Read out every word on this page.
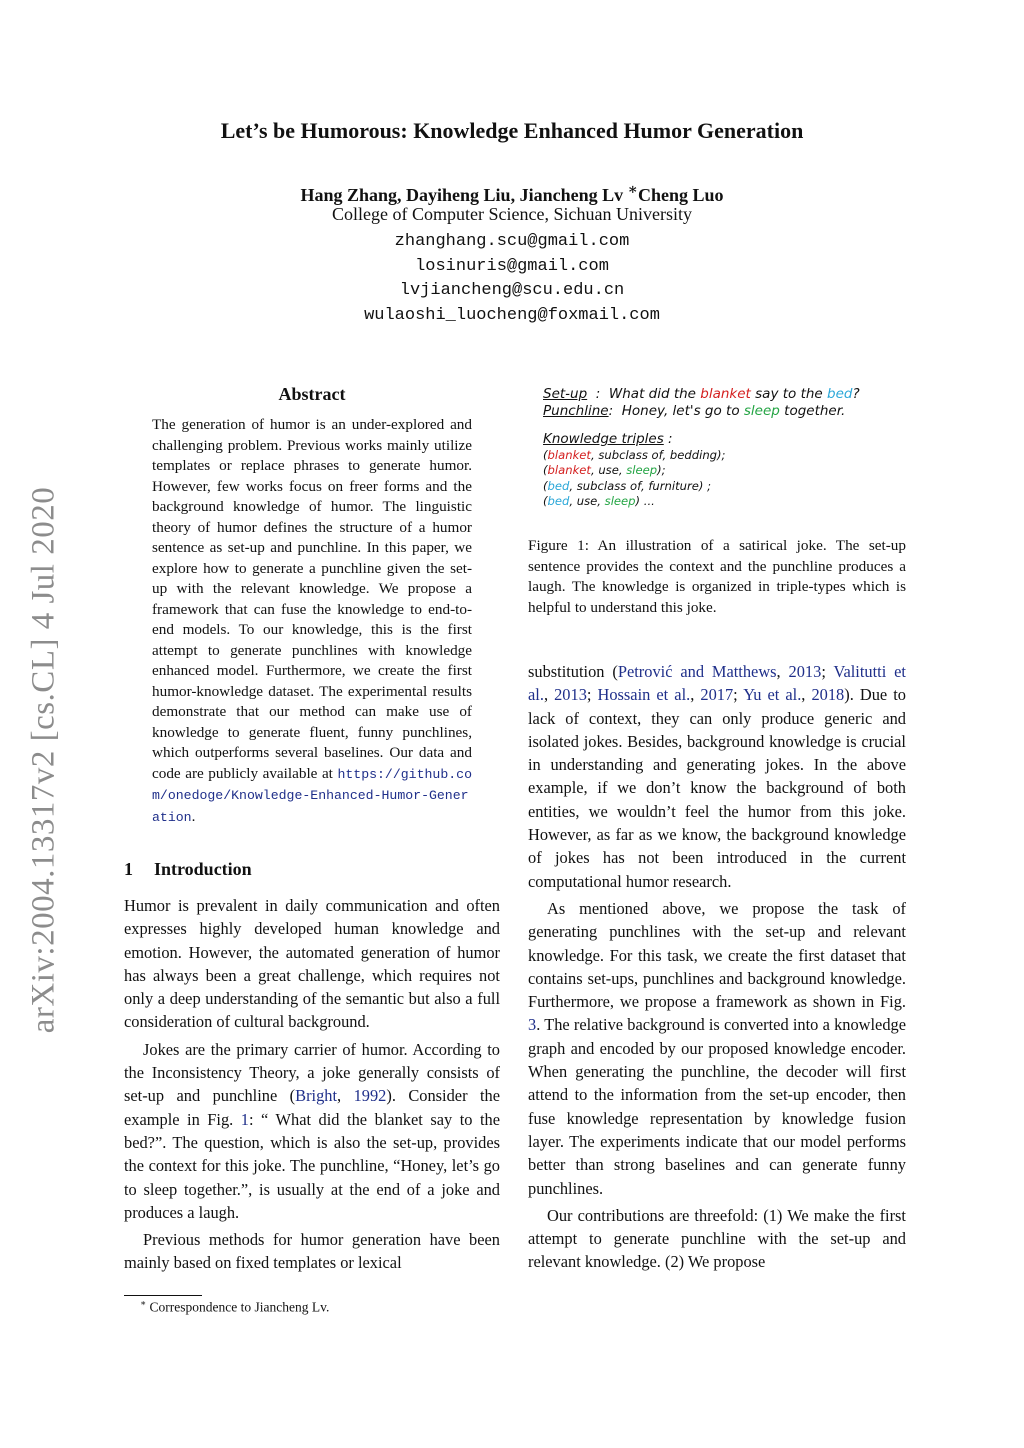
Let’s be Humorous: Knowledge Enhanced Humor Generation
Hang Zhang, Dayiheng Liu, Jiancheng Lv ∗Cheng Luo
College of Computer Science, Sichuan University
zhanghang.scu@gmail.com
losinuris@gmail.com
lvjiancheng@scu.edu.cn
wulaoshi_luocheng@foxmail.com
arXiv:2004.13317v2 [cs.CL] 4 Jul 2020
Abstract
The generation of humor is an under-explored and challenging problem. Previous works mainly utilize templates or replace phrases to generate humor. However, few works focus on freer forms and the background knowledge of humor. The linguistic theory of humor defines the structure of a humor sentence as set-up and punchline. In this paper, we explore how to generate a punchline given the set-up with the relevant knowledge. We propose a framework that can fuse the knowledge to end-to-end models. To our knowledge, this is the first attempt to generate punchlines with knowledge enhanced model. Furthermore, we create the first humor-knowledge dataset. The experimental results demonstrate that our method can make use of knowledge to generate fluent, funny punchlines, which outperforms several baselines. Our data and code are publicly available at https://github.com/onedoge/Knowledge-Enhanced-Humor-Generation.
1 Introduction

Humor is prevalent in daily communication and often expresses highly developed human knowledge and emotion. However, the automated generation of humor has always been a great challenge, which requires not only a deep understanding of the semantic but also a full consideration of cultural background.

Jokes are the primary carrier of humor. According to the Inconsistency Theory, a joke generally consists of set-up and punchline (Bright, 1992). Consider the example in Fig. 1: “ What did the blanket say to the bed?”. The question, which is also the set-up, provides the context for this joke. The punchline, “Honey, let’s go to sleep together.”, is usually at the end of a joke and produces a laugh.

Previous methods for humor generation have been mainly based on fixed templates or lexical

∗ Correspondence to Jiancheng Lv.
Set-up  :  What did the blanket say to the bed?
Punchline:  Honey, let's go to sleep together.
Knowledge triples :
(blanket, subclass of, bedding);
(blanket, use, sleep);
(bed, subclass of, furniture) ;
(bed, use, sleep) ...
Figure 1: An illustration of a satirical joke. The set-up sentence provides the context and the punchline produces a laugh. The knowledge is organized in triple-types which is helpful to understand this joke.

substitution (Petrović and Matthews, 2013; Valitutti et al., 2013; Hossain et al., 2017; Yu et al., 2018). Due to lack of context, they can only produce generic and isolated jokes. Besides, background knowledge is crucial in understanding and generating jokes. In the above example, if we don’t know the background of both entities, we wouldn’t feel the humor from this joke. However, as far as we know, the background knowledge of jokes has not been introduced in the current computational humor research.

As mentioned above, we propose the task of generating punchlines with the set-up and relevant knowledge. For this task, we create the first dataset that contains set-ups, punchlines and background knowledge. Furthermore, we propose a framework as shown in Fig. 3. The relative background is converted into a knowledge graph and encoded by our proposed knowledge encoder. When generating the punchline, the decoder will first attend to the information from the set-up encoder, then fuse knowledge representation by knowledge fusion layer. The experiments indicate that our model performs better than strong baselines and can generate funny punchlines.

Our contributions are threefold: (1) We make the first attempt to generate punchline with the set-up and relevant knowledge. (2) We propose
